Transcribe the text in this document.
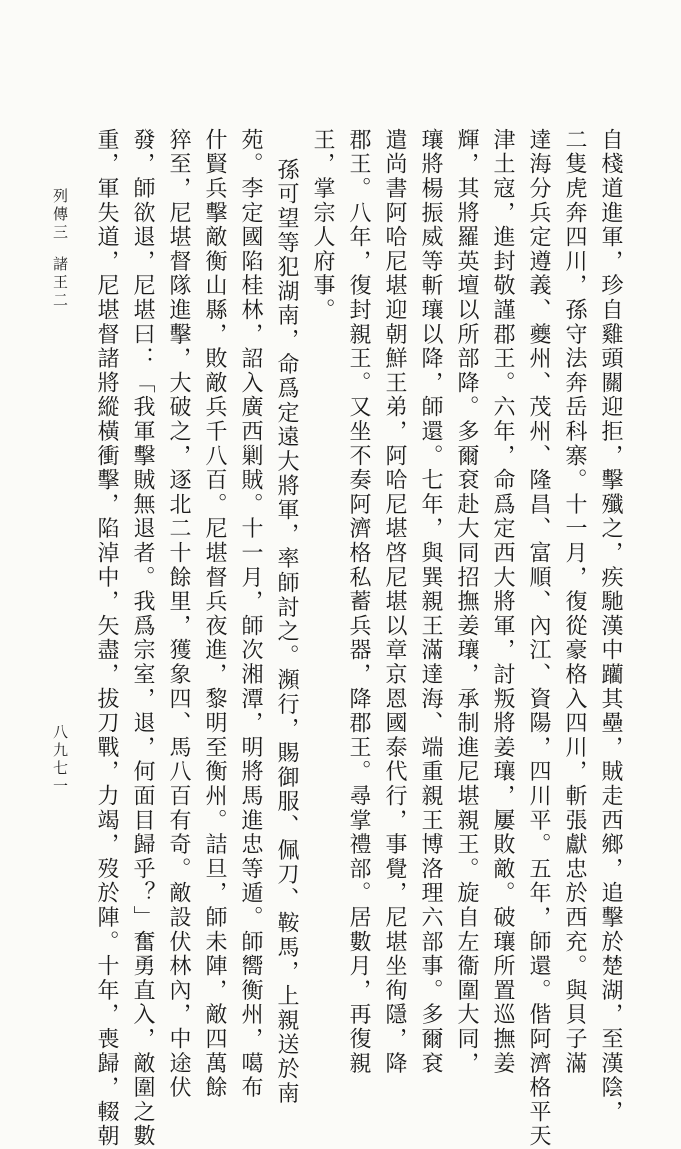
自棧道進軍，珍自雞頭關迎拒，擊殲之，疾馳漢中躪其壘，賊走西鄉，追擊於楚湖，至漢陰，
二隻虎奔四川，孫守法奔岳科寨。十一月，復從豪格入四川，斬張獻忠於西充。與貝子滿
達海分兵定遵義、夔州、茂州、隆昌、富順、內江、資陽，四川平。五年，師還。偕阿濟格平天
津土寇，進封敬謹郡王。六年，命爲定西大將軍，討叛將姜瓖，屢敗敵。破瓖所置巡撫姜
輝，其將羅英壇以所部降。多爾袞赴大同招撫姜瓖，承制進尼堪親王。旋自左衞圍大同，
瓖將楊振威等斬瓖以降，師還。七年，與巽親王滿達海、端重親王博洛理六部事。多爾袞
遣尚書阿哈尼堪迎朝鮮王弟，阿哈尼堪啓尼堪以章京恩國泰代行，事覺，尼堪坐徇隱，降
郡王。八年，復封親王。又坐不奏阿濟格私蓄兵器，降郡王。尋掌禮部。居數月，再復親
王，掌宗人府事。
孫可望等犯湖南，命爲定遠大將軍，率師討之。瀕行，賜御服、佩刀、鞍馬，上親送於南
苑。李定國陷桂林，詔入廣西剿賊。十一月，師次湘潭，明將馬進忠等遁。師嚮衡州，噶布
什賢兵擊敵衡山縣，敗敵兵千八百。尼堪督兵夜進，黎明至衡州。詰旦，師未陣，敵四萬餘
猝至，尼堪督隊進擊，大破之，逐北二十餘里，獲象四、馬八百有奇。敵設伏林內，中途伏
發，師欲退，尼堪曰：「我軍擊賊無退者。我爲宗室，退，何面目歸乎？」奮勇直入，敵圍之數
重，軍失道，尼堪督諸將縱橫衝擊，陷淖中，矢盡，拔刀戰，力竭，歿於陣。十年，喪歸，輟朝
列傳三
諸王二
八九七一
